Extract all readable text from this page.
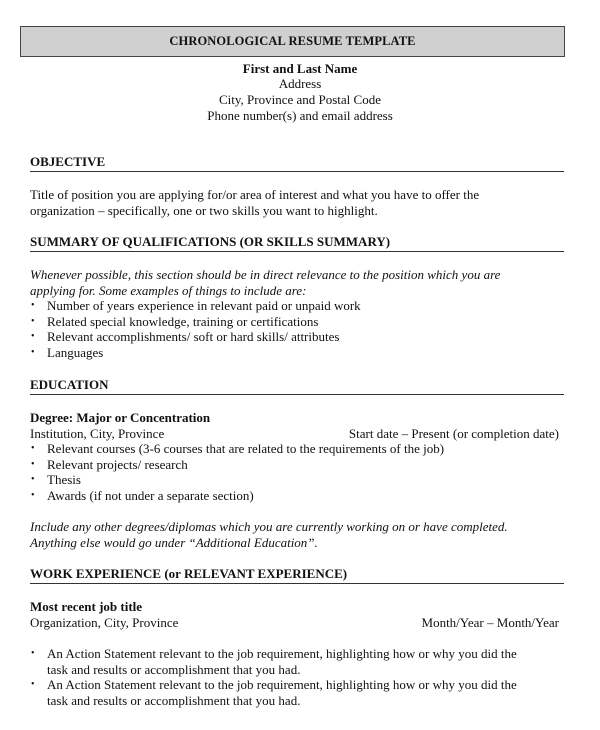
CHRONOLOGICAL RESUME TEMPLATE
First and Last Name
Address
City, Province and Postal Code
Phone number(s) and email address
OBJECTIVE
Title of position you are applying for/or area of interest and what you have to offer the
organization – specifically, one or two skills you want to highlight.
SUMMARY OF QUALIFICATIONS (OR SKILLS SUMMARY)
Whenever possible, this section should be in direct relevance to the position which you are
applying for. Some examples of things to include are:
• Number of years experience in relevant paid or unpaid work
• Related special knowledge, training or certifications
• Relevant accomplishments/ soft or hard skills/ attributes
• Languages
EDUCATION
Degree: Major or Concentration
Institution, City, Province	Start date – Present (or completion date)
• Relevant courses (3-6 courses that are related to the requirements of the job)
• Relevant projects/ research
• Thesis
• Awards (if not under a separate section)
Include any other degrees/diplomas which you are currently working on or have completed.
Anything else would go under “Additional Education”.
WORK EXPERIENCE (or RELEVANT EXPERIENCE)
Most recent job title
Organization, City, Province	Month/Year – Month/Year
• An Action Statement relevant to the job requirement, highlighting how or why you did the
task and results or accomplishment that you had.
• An Action Statement relevant to the job requirement, highlighting how or why you did the
task and results or accomplishment that you had.
